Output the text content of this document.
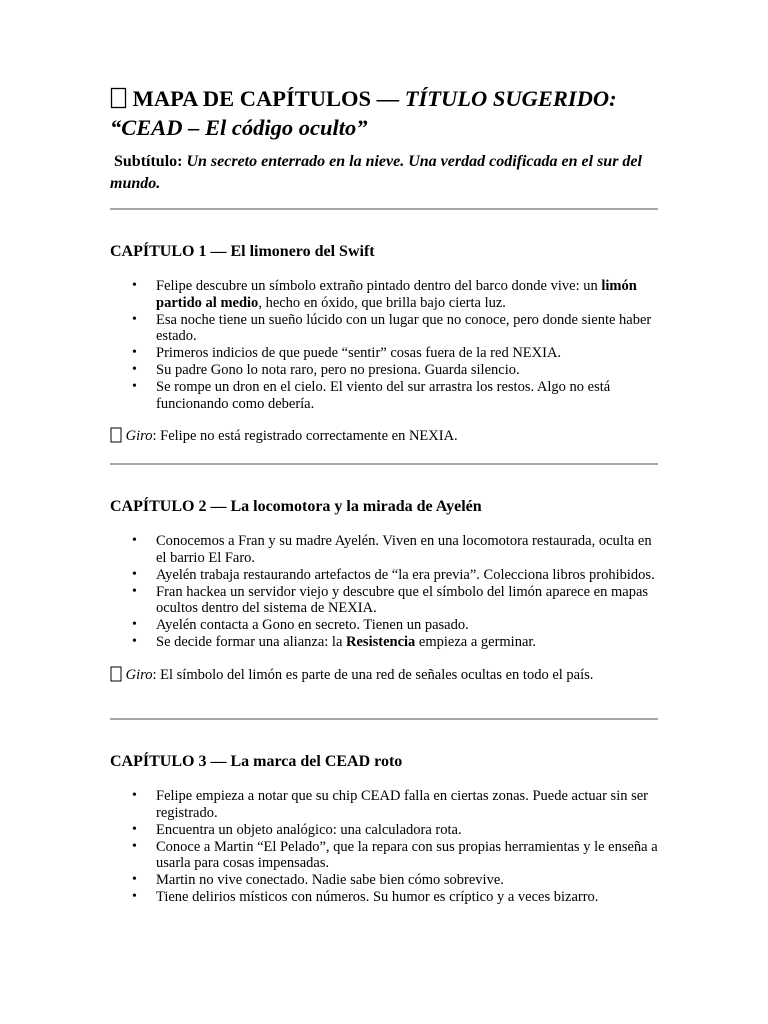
MAPA DE CAPÍTULOS — TÍTULO SUGERIDO: “CEAD – El código oculto”

Subtítulo: Un secreto enterrado en la nieve. Una verdad codificada en el sur del mundo.

CAPÍTULO 1 — El limonero del Swift
• Felipe descubre un símbolo extraño pintado dentro del barco donde vive: un limón partido al medio, hecho en óxido, que brilla bajo cierta luz.
• Esa noche tiene un sueño lúcido con un lugar que no conoce, pero donde siente haber estado.
• Primeros indicios de que puede “sentir” cosas fuera de la red NEXIA.
• Su padre Gono lo nota raro, pero no presiona. Guarda silencio.
• Se rompe un dron en el cielo. El viento del sur arrastra los restos. Algo no está funcionando como debería.

Giro: Felipe no está registrado correctamente en NEXIA.

CAPÍTULO 2 — La locomotora y la mirada de Ayelén
• Conocemos a Fran y su madre Ayelén. Viven en una locomotora restaurada, oculta en el barrio El Faro.
• Ayelén trabaja restaurando artefactos de “la era previa”. Colecciona libros prohibidos.
• Fran hackea un servidor viejo y descubre que el símbolo del limón aparece en mapas ocultos dentro del sistema de NEXIA.
• Ayelén contacta a Gono en secreto. Tienen un pasado.
• Se decide formar una alianza: la Resistencia empieza a germinar.

Giro: El símbolo del limón es parte de una red de señales ocultas en todo el país.

CAPÍTULO 3 — La marca del CEAD roto
• Felipe empieza a notar que su chip CEAD falla en ciertas zonas. Puede actuar sin ser registrado.
• Encuentra un objeto analógico: una calculadora rota.
• Conoce a Martin “El Pelado”, que la repara con sus propias herramientas y le enseña a usarla para cosas impensadas.
• Martin no vive conectado. Nadie sabe bien cómo sobrevive.
• Tiene delirios místicos con números. Su humor es críptico y a veces bizarro.
